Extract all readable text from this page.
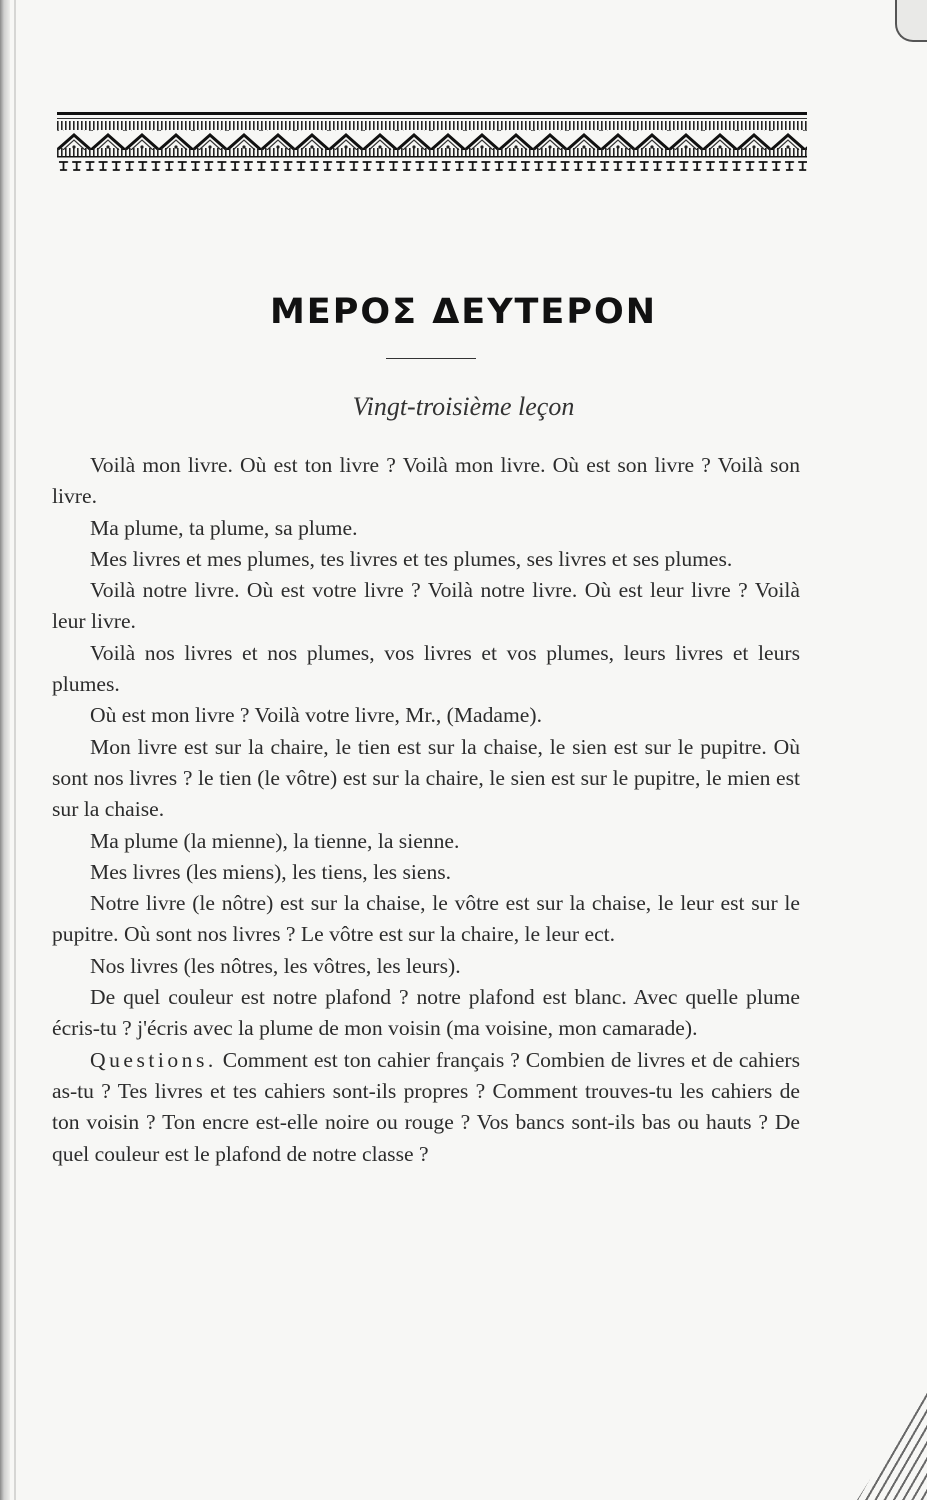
ΜΕΡΟΣ ΔΕΥΤΕΡΟΝ
Vingt-troisième leçon

Voilà mon livre. Où est ton livre ? Voilà mon livre. Où est son livre ? Voilà son livre.

Ma plume, ta plume, sa plume.

Mes livres et mes plumes, tes livres et tes plumes, ses livres et ses plumes.

Voilà notre livre. Où est votre livre ? Voilà notre livre. Où est leur livre ? Voilà leur livre.

Voilà nos livres et nos plumes, vos livres et vos plumes, leurs livres et leurs plumes.

Où est mon livre ? Voilà votre livre, Mr., (Madame).

Mon livre est sur la chaire, le tien est sur la chaise, le sien est sur le pupitre. Où sont nos livres ? le tien (le vôtre) est sur la chaire, le sien est sur le pupitre, le mien est sur la chaise.

Ma plume (la mienne), la tienne, la sienne.

Mes livres (les miens), les tiens, les siens.

Notre livre (le nôtre) est sur la chaise, le vôtre est sur la chaise, le leur est sur le pupitre. Où sont nos livres ? Le vôtre est sur la chaire, le leur ect.

Nos livres (les nôtres, les vôtres, les leurs).

De quel couleur est notre plafond ? notre plafond est blanc. Avec quelle plume écris-tu ? j'écris avec la plume de mon voisin (ma voisine, mon camarade).

Questions. Comment est ton cahier français ? Combien de livres et de cahiers as-tu ? Tes livres et tes cahiers sont-ils propres ? Comment trouves-tu les cahiers de ton voisin ? Ton encre est-elle noire ou rouge ? Vos bancs sont-ils bas ou hauts ? De quel couleur est le plafond de notre classe ?
